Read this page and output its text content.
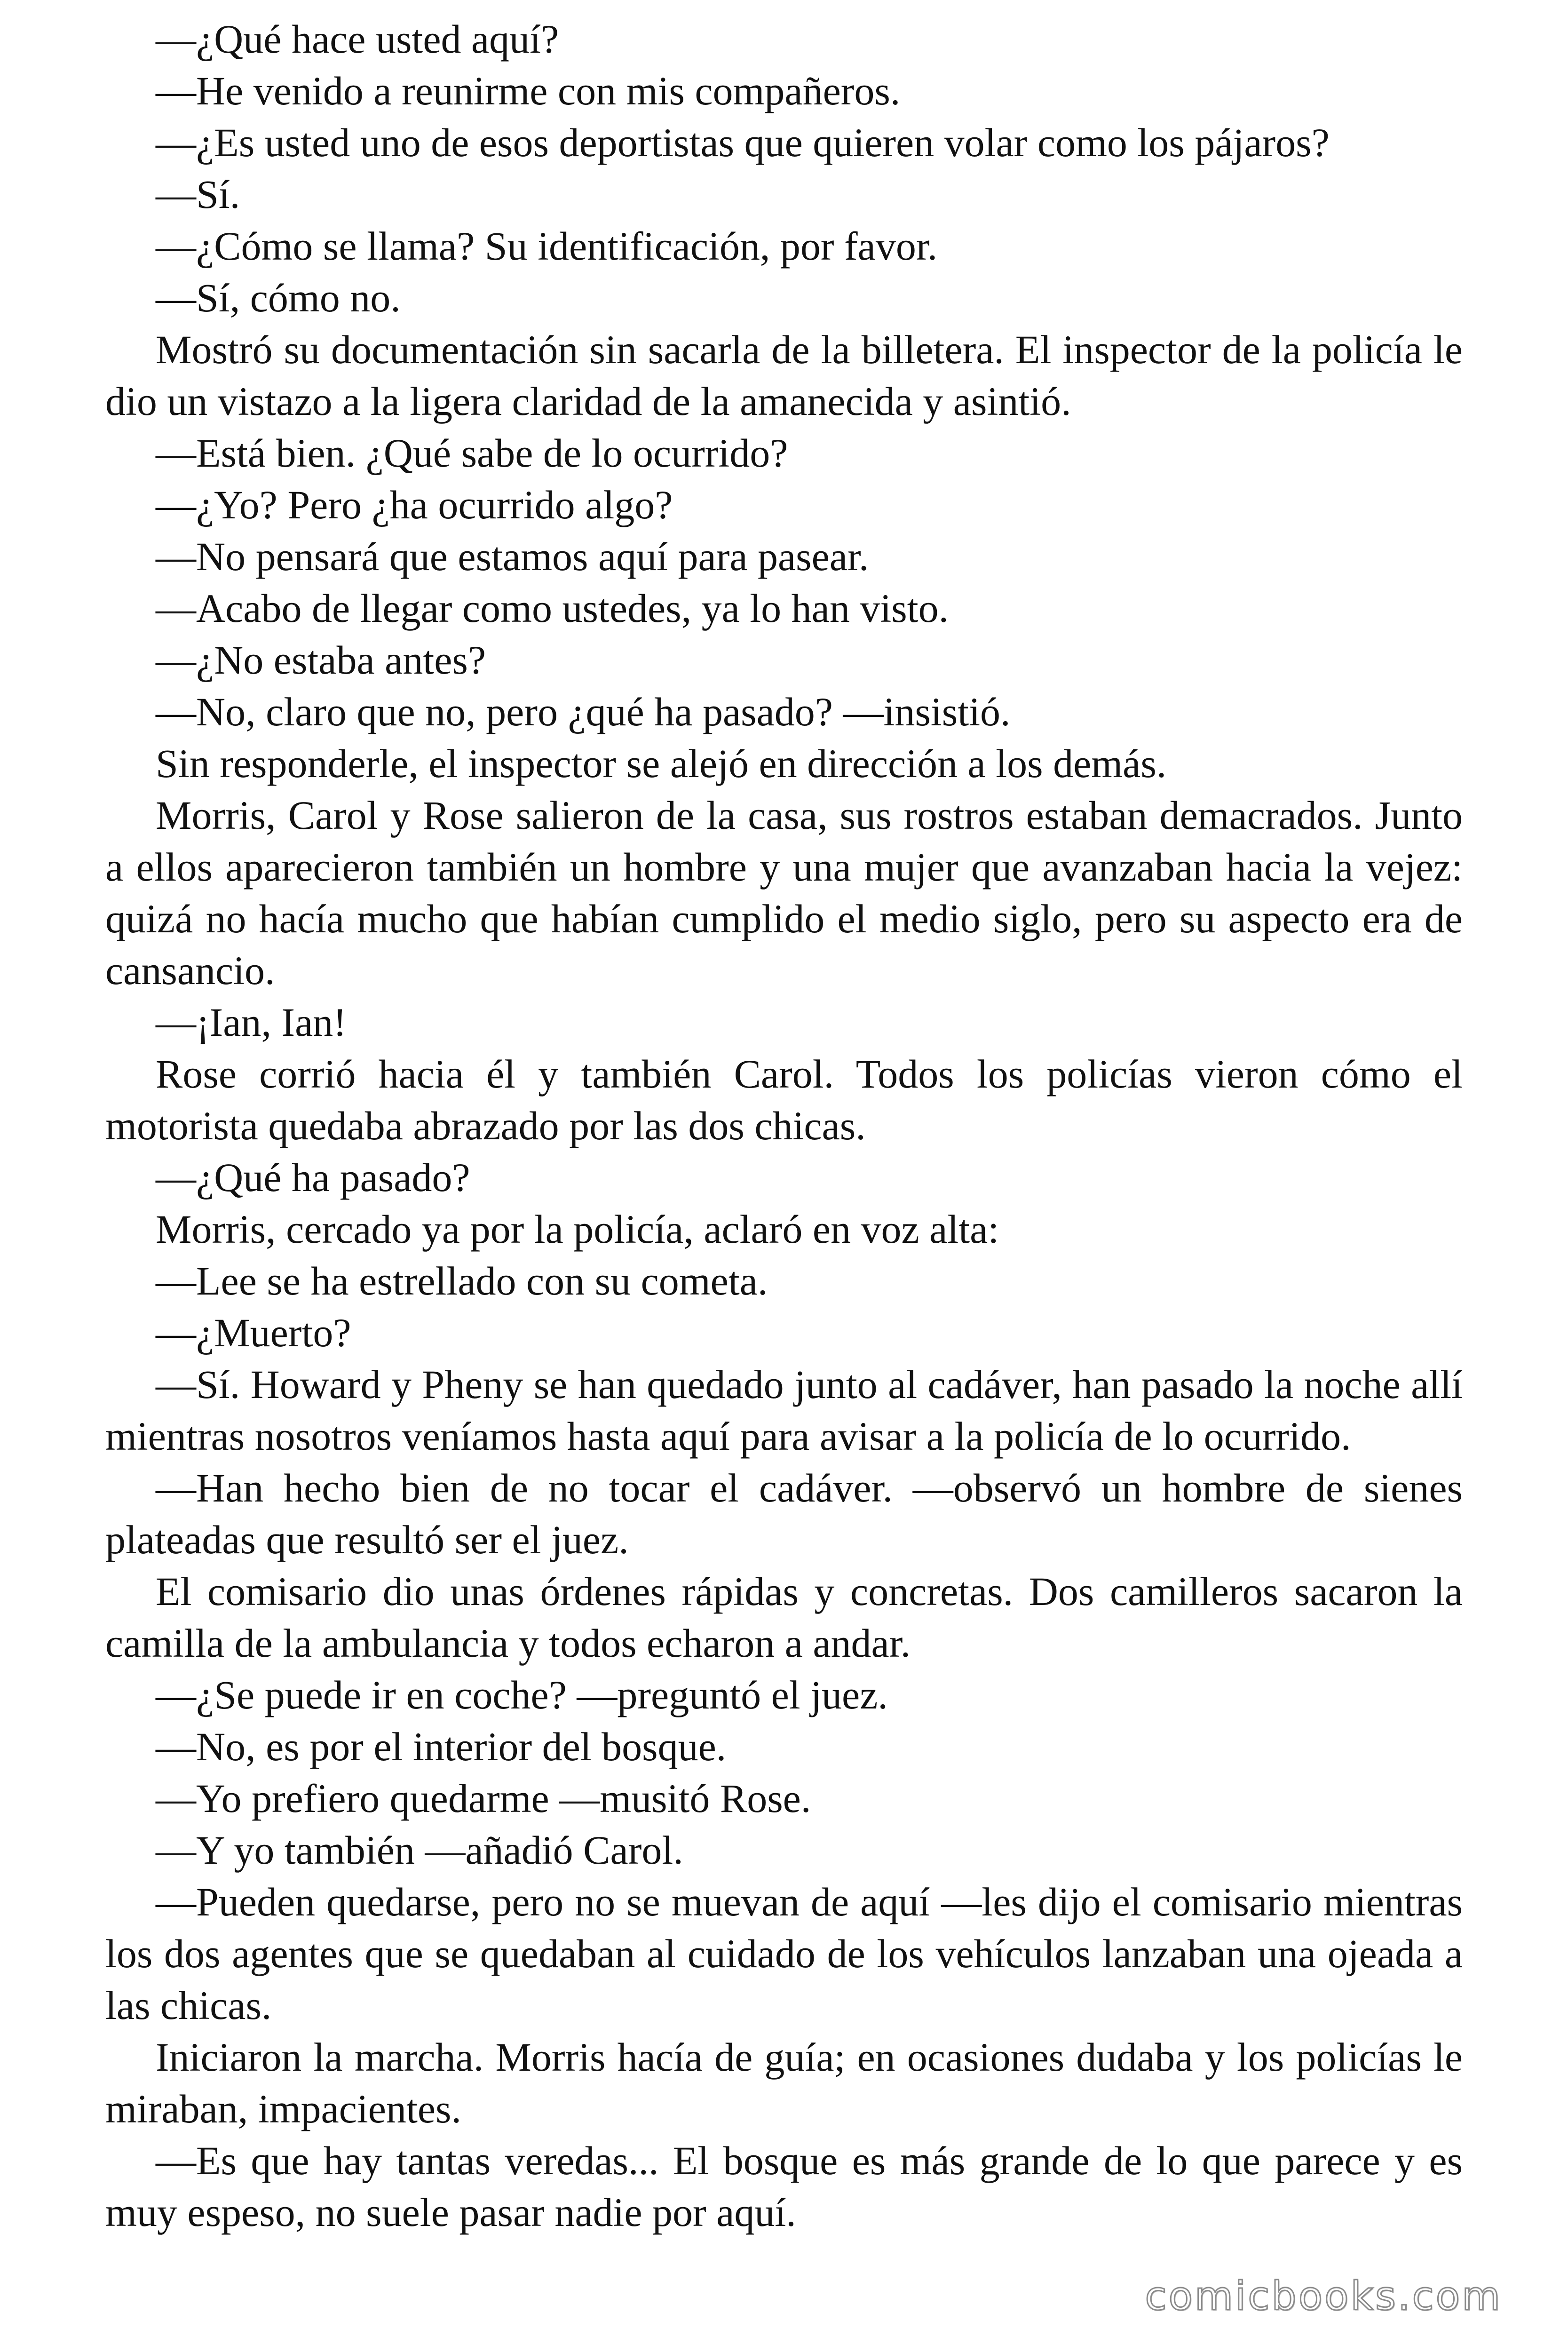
—¿Qué hace usted aquí?

—He venido a reunirme con mis compañeros.

—¿Es usted uno de esos deportistas que quieren volar como los pájaros?

—Sí.

—¿Cómo se llama? Su identificación, por favor.

—Sí, cómo no.

Mostró su documentación sin sacarla de la billetera. El inspector de la policía le dio un vistazo a la ligera claridad de la amanecida y asintió.

—Está bien. ¿Qué sabe de lo ocurrido?

—¿Yo? Pero ¿ha ocurrido algo?

—No pensará que estamos aquí para pasear.

—Acabo de llegar como ustedes, ya lo han visto.

—¿No estaba antes?

—No, claro que no, pero ¿qué ha pasado? —insistió.

Sin responderle, el inspector se alejó en dirección a los demás.

Morris, Carol y Rose salieron de la casa, sus rostros estaban demacrados. Junto a ellos aparecieron también un hombre y una mujer que avanzaban hacia la vejez: quizá no hacía mucho que habían cumplido el medio siglo, pero su aspecto era de cansancio.

—¡Ian, Ian!

Rose corrió hacia él y también Carol. Todos los policías vieron cómo el motorista quedaba abrazado por las dos chicas.

—¿Qué ha pasado?

Morris, cercado ya por la policía, aclaró en voz alta:

—Lee se ha estrellado con su cometa.

—¿Muerto?

—Sí. Howard y Pheny se han quedado junto al cadáver, han pasado la noche allí mientras nosotros veníamos hasta aquí para avisar a la policía de lo ocurrido.

—Han hecho bien de no tocar el cadáver. —observó un hombre de sienes plateadas que resultó ser el juez.

El comisario dio unas órdenes rápidas y concretas. Dos camilleros sacaron la camilla de la ambulancia y todos echaron a andar.

—¿Se puede ir en coche? —preguntó el juez.

—No, es por el interior del bosque.

—Yo prefiero quedarme —musitó Rose.

—Y yo también —añadió Carol.

—Pueden quedarse, pero no se muevan de aquí —les dijo el comisario mientras los dos agentes que se quedaban al cuidado de los vehículos lanzaban una ojeada a las chicas.

Iniciaron la marcha. Morris hacía de guía; en ocasiones dudaba y los policías le miraban, impacientes.

—Es que hay tantas veredas... El bosque es más grande de lo que parece y es muy espeso, no suele pasar nadie por aquí.

comicbooks.com
